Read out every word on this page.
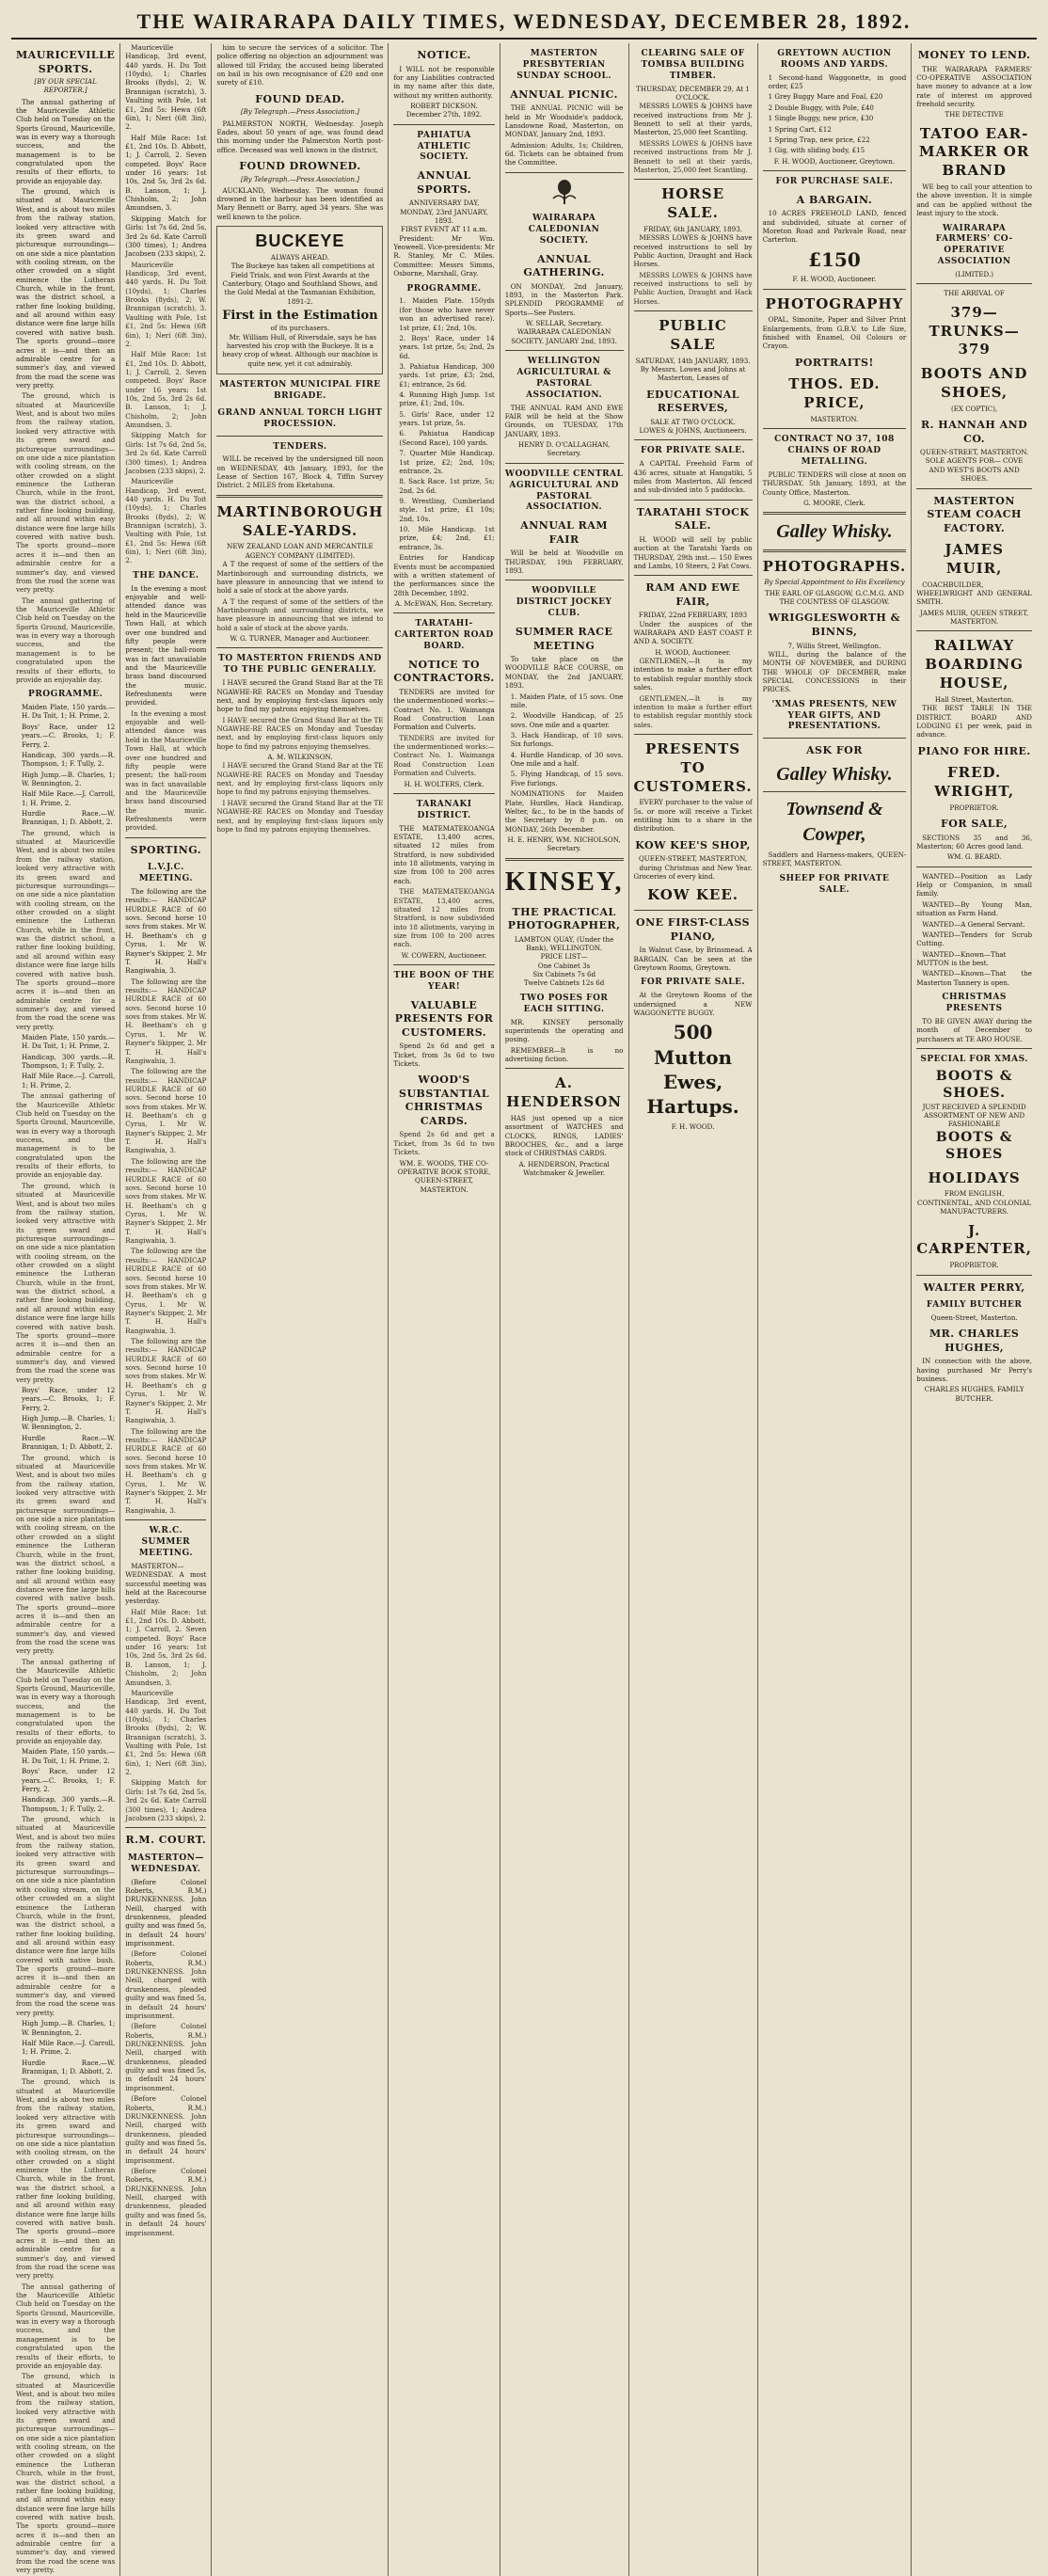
THE WAIRARAPA DAILY TIMES, WEDNESDAY, DECEMBER 28, 1892.
MAURICEVILLE SPORTS.
[BY OUR SPECIAL REPORTER.]

The annual gathering of the Mauriceville Athletic Club held on Tuesday on the Sports Ground, Mauriceville, was in every way a thorough success, and the management is to be congratulated upon the results of their efforts, to provide an enjoyable day.

The ground, which is situated at Mauriceville West, and is about two miles from the railway station, looked very attractive with its green sward and picturesque surroundings—on one side a nice plantation with cooling stream, on the other crowded on a slight eminence the Lutheran Church, while in the front, was the district school, a rather fine looking building, and all around within easy distance were fine large hills covered with native bush. The sports ground—more acres it is—and then an admirable centre for a summer's day, and viewed from the road the scene was very pretty.

The ground, which is situated at Mauriceville West, and is about two miles from the railway station, looked very attractive with its green sward and picturesque surroundings—on one side a nice plantation with cooling stream, on the other crowded on a slight eminence the Lutheran Church, while in the front, was the district school, a rather fine looking building, and all around within easy distance were fine large hills covered with native bush. The sports ground—more acres it is—and then an admirable centre for a summer's day, and viewed from the road the scene was very pretty.

The annual gathering of the Mauriceville Athletic Club held on Tuesday on the Sports Ground, Mauriceville, was in every way a thorough success, and the management is to be congratulated upon the results of their efforts, to provide an enjoyable day.

PROGRAMME.

Maiden Plate, 150 yards.—H. Du Toit, 1; H. Prime, 2.

Boys' Race, under 12 years.—C. Brooks, 1; F. Ferry, 2.

Handicap, 300 yards.—R. Thompson, 1; F. Tully, 2.

High Jump.—B. Charles, 1; W. Bennington, 2.

Half Mile Race.—J. Carroll, 1; H. Prime, 2.

Hurdle Race.—W. Brannigan, 1; D. Abbott, 2.

The ground, which is situated at Mauriceville West, and is about two miles from the railway station, looked very attractive with its green sward and picturesque surroundings—on one side a nice plantation with cooling stream, on the other crowded on a slight eminence the Lutheran Church, while in the front, was the district school, a rather fine looking building, and all around within easy distance were fine large hills covered with native bush. The sports ground—more acres it is—and then an admirable centre for a summer's day, and viewed from the road the scene was very pretty.

Maiden Plate, 150 yards.—H. Du Toit, 1; H. Prime, 2.

Handicap, 300 yards.—R. Thompson, 1; F. Tully, 2.

Half Mile Race.—J. Carroll, 1; H. Prime, 2.

The annual gathering of the Mauriceville Athletic Club held on Tuesday on the Sports Ground, Mauriceville, was in every way a thorough success, and the management is to be congratulated upon the results of their efforts, to provide an enjoyable day.

The ground, which is situated at Mauriceville West, and is about two miles from the railway station, looked very attractive with its green sward and picturesque surroundings—on one side a nice plantation with cooling stream, on the other crowded on a slight eminence the Lutheran Church, while in the front, was the district school, a rather fine looking building, and all around within easy distance were fine large hills covered with native bush. The sports ground—more acres it is—and then an admirable centre for a summer's day, and viewed from the road the scene was very pretty.

Boys' Race, under 12 years.—C. Brooks, 1; F. Ferry, 2.

High Jump.—B. Charles, 1; W. Bennington, 2.

Hurdle Race.—W. Brannigan, 1; D. Abbott, 2.

The ground, which is situated at Mauriceville West, and is about two miles from the railway station, looked very attractive with its green sward and picturesque surroundings—on one side a nice plantation with cooling stream, on the other crowded on a slight eminence the Lutheran Church, while in the front, was the district school, a rather fine looking building, and all around within easy distance were fine large hills covered with native bush. The sports ground—more acres it is—and then an admirable centre for a summer's day, and viewed from the road the scene was very pretty.

The annual gathering of the Mauriceville Athletic Club held on Tuesday on the Sports Ground, Mauriceville, was in every way a thorough success, and the management is to be congratulated upon the results of their efforts, to provide an enjoyable day.

Maiden Plate, 150 yards.—H. Du Toit, 1; H. Prime, 2.

Boys' Race, under 12 years.—C. Brooks, 1; F. Ferry, 2.

Handicap, 300 yards.—R. Thompson, 1; F. Tully, 2.

The ground, which is situated at Mauriceville West, and is about two miles from the railway station, looked very attractive with its green sward and picturesque surroundings—on one side a nice plantation with cooling stream, on the other crowded on a slight eminence the Lutheran Church, while in the front, was the district school, a rather fine looking building, and all around within easy distance were fine large hills covered with native bush. The sports ground—more acres it is—and then an admirable centre for a summer's day, and viewed from the road the scene was very pretty.

High Jump.—B. Charles, 1; W. Bennington, 2.

Half Mile Race.—J. Carroll, 1; H. Prime, 2.

Hurdle Race.—W. Brannigan, 1; D. Abbott, 2.

The ground, which is situated at Mauriceville West, and is about two miles from the railway station, looked very attractive with its green sward and picturesque surroundings—on one side a nice plantation with cooling stream, on the other crowded on a slight eminence the Lutheran Church, while in the front, was the district school, a rather fine looking building, and all around within easy distance were fine large hills covered with native bush. The sports ground—more acres it is—and then an admirable centre for a summer's day, and viewed from the road the scene was very pretty.

The annual gathering of the Mauriceville Athletic Club held on Tuesday on the Sports Ground, Mauriceville, was in every way a thorough success, and the management is to be congratulated upon the results of their efforts, to provide an enjoyable day.

The ground, which is situated at Mauriceville West, and is about two miles from the railway station, looked very attractive with its green sward and picturesque surroundings—on one side a nice plantation with cooling stream, on the other crowded on a slight eminence the Lutheran Church, while in the front, was the district school, a rather fine looking building, and all around within easy distance were fine large hills covered with native bush. The sports ground—more acres it is—and then an admirable centre for a summer's day, and viewed from the road the scene was very pretty.

Mauriceville Handicap, 3rd event, 440 yards. H. Du Toit (10yds), 1; Charles Brooks (8yds), 2; W. Brannigan (scratch), 3. Vaulting with Pole, 1st £1, 2nd 5s: Hewa (6ft 6in), 1; Neri (6ft 3in), 2.

Half Mile Race: 1st £1, 2nd 10s. D. Abbott, 1; J. Carroll, 2. Seven competed. Boys' Race under 16 years: 1st 10s, 2nd 5s, 3rd 2s 6d. B. Lanson, 1; J. Chisholm, 2; John Amundsen, 3.

Skipping Match for Girls: 1st 7s 6d, 2nd 5s, 3rd 2s 6d. Kate Carroll (300 times), 1; Andrea Jacobsen (233 skips), 2.

Mauriceville Handicap, 3rd event, 440 yards. H. Du Toit (10yds), 1; Charles Brooks (8yds), 2; W. Brannigan (scratch), 3. Vaulting with Pole, 1st £1, 2nd 5s: Hewa (6ft 6in), 1; Neri (6ft 3in), 2.

Half Mile Race: 1st £1, 2nd 10s. D. Abbott, 1; J. Carroll, 2. Seven competed. Boys' Race under 16 years: 1st 10s, 2nd 5s, 3rd 2s 6d. B. Lanson, 1; J. Chisholm, 2; John Amundsen, 3.

Skipping Match for Girls: 1st 7s 6d, 2nd 5s, 3rd 2s 6d. Kate Carroll (300 times), 1; Andrea Jacobsen (233 skips), 2.

Mauriceville Handicap, 3rd event, 440 yards. H. Du Toit (10yds), 1; Charles Brooks (8yds), 2; W. Brannigan (scratch), 3. Vaulting with Pole, 1st £1, 2nd 5s: Hewa (6ft 6in), 1; Neri (6ft 3in), 2.

THE DANCE.

In the evening a most enjoyable and well-attended dance was held in the Mauriceville Town Hall, at which over one hundred and fifty people were present; the hall-room was in fact unavailable and the Mauriceville brass band discoursed the music. Refreshments were provided.

In the evening a most enjoyable and well-attended dance was held in the Mauriceville Town Hall, at which over one hundred and fifty people were present; the hall-room was in fact unavailable and the Mauriceville brass band discoursed the music. Refreshments were provided.

SPORTING.
L.V.J.C. MEETING.

The following are the results:— HANDICAP HURDLE RACE of 60 sovs. Second horse 10 sovs from stakes. Mr W. H. Beetham's ch g Cyrus, 1. Mr W. Rayner's Skipper, 2. Mr T. H. Hall's Rangiwahia, 3.

The following are the results:— HANDICAP HURDLE RACE of 60 sovs. Second horse 10 sovs from stakes. Mr W. H. Beetham's ch g Cyrus, 1. Mr W. Rayner's Skipper, 2. Mr T. H. Hall's Rangiwahia, 3.

The following are the results:— HANDICAP HURDLE RACE of 60 sovs. Second horse 10 sovs from stakes. Mr W. H. Beetham's ch g Cyrus, 1. Mr W. Rayner's Skipper, 2. Mr T. H. Hall's Rangiwahia, 3.

The following are the results:— HANDICAP HURDLE RACE of 60 sovs. Second horse 10 sovs from stakes. Mr W. H. Beetham's ch g Cyrus, 1. Mr W. Rayner's Skipper, 2. Mr T. H. Hall's Rangiwahia, 3.

The following are the results:— HANDICAP HURDLE RACE of 60 sovs. Second horse 10 sovs from stakes. Mr W. H. Beetham's ch g Cyrus, 1. Mr W. Rayner's Skipper, 2. Mr T. H. Hall's Rangiwahia, 3.

The following are the results:— HANDICAP HURDLE RACE of 60 sovs. Second horse 10 sovs from stakes. Mr W. H. Beetham's ch g Cyrus, 1. Mr W. Rayner's Skipper, 2. Mr T. H. Hall's Rangiwahia, 3.

The following are the results:— HANDICAP HURDLE RACE of 60 sovs. Second horse 10 sovs from stakes. Mr W. H. Beetham's ch g Cyrus, 1. Mr W. Rayner's Skipper, 2. Mr T. H. Hall's Rangiwahia, 3.

W.R.C. SUMMER MEETING.

MASTERTON—WEDNESDAY. A most successful meeting was held at the Racecourse yesterday.

Half Mile Race: 1st £1, 2nd 10s. D. Abbott, 1; J. Carroll, 2. Seven competed. Boys' Race under 16 years: 1st 10s, 2nd 5s, 3rd 2s 6d. B. Lanson, 1; J. Chisholm, 2; John Amundsen, 3.

Mauriceville Handicap, 3rd event, 440 yards. H. Du Toit (10yds), 1; Charles Brooks (8yds), 2; W. Brannigan (scratch), 3. Vaulting with Pole, 1st £1, 2nd 5s: Hewa (6ft 6in), 1; Neri (6ft 3in), 2.

Skipping Match for Girls: 1st 7s 6d, 2nd 5s, 3rd 2s 6d. Kate Carroll (300 times), 1; Andrea Jacobsen (233 skips), 2.

R.M. COURT.
MASTERTON—WEDNESDAY.

(Before Colonel Roberts, R.M.) DRUNKENNESS. John Neill, charged with drunkenness, pleaded guilty and was fined 5s, in default 24 hours' imprisonment.

(Before Colonel Roberts, R.M.) DRUNKENNESS. John Neill, charged with drunkenness, pleaded guilty and was fined 5s, in default 24 hours' imprisonment.

(Before Colonel Roberts, R.M.) DRUNKENNESS. John Neill, charged with drunkenness, pleaded guilty and was fined 5s, in default 24 hours' imprisonment.

(Before Colonel Roberts, R.M.) DRUNKENNESS. John Neill, charged with drunkenness, pleaded guilty and was fined 5s, in default 24 hours' imprisonment.

(Before Colonel Roberts, R.M.) DRUNKENNESS. John Neill, charged with drunkenness, pleaded guilty and was fined 5s, in default 24 hours' imprisonment.

him to secure the services of a solicitor. The police offering no objection an adjournment was allowed till Friday, the accused being liberated on bail in his own recognisance of £20 and one surety of £10.

FOUND DEAD.
[By Telegraph.—Press Association.]

PALMERSTON NORTH, Wednesday. Joseph Eades, about 50 years of age, was found dead this morning under the Palmerston North post-office. Deceased was well known in the district.

FOUND DROWNED.
[By Telegraph.—Press Association.]

AUCKLAND, Wednesday. The woman found drowned in the harbour has been identified as Mary Bennett or Barry, aged 34 years. She was well known to the police.

BUCKEYE
ALWAYS AHEAD.

The Buckeye has taken all competitions at Field Trials, and won First Awards at the Canterbury, Otago and Southland Shows, and the Gold Medal at the Tasmanian Exhibition, 1891-2.

First in the Estimation
of its purchasers.

Mr. William Hull, of Riversdale, says he has harvested his crop with the Buckeye. It is a heavy crop of wheat. Although our machine is quite new, yet it cut admirably.

MASTERTON MUNICIPAL FIRE BRIGADE.
GRAND ANNUAL TORCH LIGHT PROCESSION.
TENDERS.

WILL be received by the undersigned till noon on WEDNESDAY, 4th January, 1893, for the Lease of Section 167, Block 4, Tiffin Survey District. 2 MILES from Eketahuna.

MARTINBOROUGH SALE-YARDS.
NEW ZEALAND LOAN AND MERCANTILE AGENCY COMPANY (LIMITED).

A T the request of some of the settlers of the Martinborough and surrounding districts, we have pleasure in announcing that we intend to hold a sale of stock at the above yards.

A T the request of some of the settlers of the Martinborough and surrounding districts, we have pleasure in announcing that we intend to hold a sale of stock at the above yards.

W. G. TURNER, Manager and Auctioneer.
TO MASTERTON FRIENDS AND TO THE PUBLIC GENERALLY.

I HAVE secured the Grand Stand Bar at the TE NGAWHE-RE RACES on Monday and Tuesday next, and by employing first-class liquors only hope to find my patrons enjoying themselves.

I HAVE secured the Grand Stand Bar at the TE NGAWHE-RE RACES on Monday and Tuesday next, and by employing first-class liquors only hope to find my patrons enjoying themselves.

A. M. WILKINSON.

I HAVE secured the Grand Stand Bar at the TE NGAWHE-RE RACES on Monday and Tuesday next, and by employing first-class liquors only hope to find my patrons enjoying themselves.

I HAVE secured the Grand Stand Bar at the TE NGAWHE-RE RACES on Monday and Tuesday next, and by employing first-class liquors only hope to find my patrons enjoying themselves.

NOTICE.

I WILL not be responsible for any Liabilities contracted in my name after this date, without my written authority.

ROBERT DICKSON. December 27th, 1892.
PAHIATUA ATHLETIC SOCIETY.
ANNUAL SPORTS.
ANNIVERSARY DAY, MONDAY, 23rd JANUARY, 1893.
FIRST EVENT AT 11 a.m.

President: Mr Wm. Yeoweell. Vice-presidents: Mr R. Stanley, Mr C. Miles. Committee: Messrs Simms, Osborne, Marshall, Gray.

PROGRAMME.

1. Maiden Plate. 150yds (for those who have never won an advertised race). 1st prize, £1; 2nd, 10s.

2. Boys' Race, under 14 years. 1st prize, 5s; 2nd, 2s 6d.

3. Pahiatua Handicap, 300 yards. 1st prize, £3; 2nd, £1; entrance, 2s 6d.

4. Running High Jump. 1st prize, £1; 2nd, 10s.

5. Girls' Race, under 12 years. 1st prize, 5s.

6. Pahiatua Handicap (Second Race), 100 yards.

7. Quarter Mile Handicap. 1st prize, £2; 2nd, 10s; entrance, 2s.

8. Sack Race. 1st prize, 5s; 2nd, 2s 6d.

9. Wrestling, Cumberland style. 1st prize, £1 10s; 2nd, 10s.

10. Mile Handicap. 1st prize, £4; 2nd, £1; entrance, 3s.

Entries for Handicap Events must be accompanied with a written statement of the performances since the 28th December, 1892.

A. McEWAN, Hon. Secretary.
TARATAHI-CARTERTON ROAD BOARD.
NOTICE TO CONTRACTORS.

TENDERS are invited for the undermentioned works:— Contract No. 1. Waimanga Road Construction Loan Formation and Culverts.

TENDERS are invited for the undermentioned works:— Contract No. 1. Waimanga Road Construction Loan Formation and Culverts.

H. H. WOLTERS, Clerk.
TARANAKI DISTRICT.

THE MATEMATEKOANGA ESTATE, 13,400 acres, situated 12 miles from Stratford, is now subdivided into 18 allotments, varying in size from 100 to 200 acres each.

THE MATEMATEKOANGA ESTATE, 13,400 acres, situated 12 miles from Stratford, is now subdivided into 18 allotments, varying in size from 100 to 200 acres each.

W. COWERN, Auctioneer.
THE BOON OF THE YEAR!
VALUABLE PRESENTS FOR CUSTOMERS.

Spend 2s 6d and get a Ticket, from 3s 6d to two Tickets.

WOOD'S SUBSTANTIAL CHRISTMAS CARDS.

Spend 2s 6d and get a Ticket, from 3s 6d to two Tickets.

WM. E. WOODS, THE CO-OPERATIVE BOOK STORE, QUEEN-STREET, MASTERTON.
MASTERTON PRESBYTERIAN SUNDAY SCHOOL.
ANNUAL PICNIC.

THE ANNUAL PICNIC will be held in Mr Woodside's paddock, Lansdowne Road, Masterton, on MONDAY, January 2nd, 1893.

Admission: Adults, 1s; Children, 6d. Tickets can be obtained from the Committee.

WAIRARAPA CALEDONIAN SOCIETY.
ANNUAL GATHERING.

ON MONDAY, 2nd January, 1893, in the Masterton Park. SPLENDID PROGRAMME of Sports—See Posters.

W. SELLAR, Secretary.
WAIRARAPA CALEDONIAN SOCIETY. JANUARY 2nd, 1893.
WELLINGTON AGRICULTURAL & PASTORAL ASSOCIATION.

THE ANNUAL RAM AND EWE FAIR will be held at the Show Grounds, on TUESDAY, 17th JANUARY, 1893.

HENRY D. O'CALLAGHAN, Secretary.
WOODVILLE CENTRAL AGRICULTURAL AND PASTORAL ASSOCIATION.
ANNUAL RAM FAIR

Will be held at Woodville on THURSDAY, 19th FEBRUARY, 1893.

WOODVILLE DISTRICT JOCKEY CLUB.
SUMMER RACE MEETING

To take place on the WOODVILLE RACE COURSE, on MONDAY, the 2nd JANUARY, 1893.

1. Maiden Plate, of 15 sovs. One mile.

2. Woodville Handicap, of 25 sovs. One mile and a quarter.

3. Hack Handicap, of 10 sovs. Six furlongs.

4. Hurdle Handicap, of 30 sovs. One mile and a half.

5. Flying Handicap, of 15 sovs. Five furlongs.

NOMINATIONS for Maiden Plate, Hurdles, Hack Handicap, Welter, &c., to be in the hands of the Secretary by 8 p.m. on MONDAY, 26th December.

H. E. HENRY, WM. NICHOLSON, Secretary.
KINSEY,
THE PRACTICAL PHOTOGRAPHER,
LAMBTON QUAY, (Under the Bank), WELLINGTON.
PRICE LIST—
One Cabinet 3s
Six Cabinets 7s 6d
Twelve Cabinets 12s 6d
TWO POSES FOR EACH SITTING.

MR. KINSEY personally superintends the operating and posing.

REMEMBER—It is no advertising fiction.

A. HENDERSON

HAS just opened up a nice assortment of WATCHES and CLOCKS, RINGS, LADIES' BROOCHES, &c., and a large stock of CHRISTMAS CARDS.

A. HENDERSON, Practical Watchmaker & Jeweller.
CLEARING SALE OF TOMBSA BUILDING TIMBER.
THURSDAY, DECEMBER 29, At 1 O'CLOCK.

MESSRS LOWES & JOHNS have received instructions from Mr J. Bennett to sell at their yards, Masterton, 25,000 feet Scantling.

MESSRS LOWES & JOHNS have received instructions from Mr J. Bennett to sell at their yards, Masterton, 25,000 feet Scantling.

HORSE SALE.
FRIDAY, 6th JANUARY, 1893.

MESSRS LOWES & JOHNS have received instructions to sell by Public Auction, Draught and Hack Horses.

MESSRS LOWES & JOHNS have received instructions to sell by Public Auction, Draught and Hack Horses.

PUBLIC SALE
SATURDAY, 14th JANUARY, 1893.
By Messrs. Lowes and Johns at Masterton, Leases of
EDUCATIONAL RESERVES,
SALE AT TWO O'CLOCK.
LOWES & JOHNS, Auctioneers.
FOR PRIVATE SALE.

A CAPITAL Freehold Farm of 436 acres, situate at Hangatiki, 5 miles from Masterton. All fenced and sub-divided into 5 paddocks.

TARATAHI STOCK SALE.

H. WOOD will sell by public auction at the Taratahi Yards on THURSDAY, 29th inst.— 150 Ewes and Lambs, 10 Steers, 2 Fat Cows.

RAM AND EWE FAIR,
FRIDAY, 22nd FEBRUARY, 1893

Under the auspices of the WAIRARAPA AND EAST COAST P. AND A. SOCIETY.

H. WOOD, Auctioneer.

GENTLEMEN,—It is my intention to make a further effort to establish regular monthly stock sales.

GENTLEMEN,—It is my intention to make a further effort to establish regular monthly stock sales.

PRESENTS TO CUSTOMERS.

EVERY purchaser to the value of 5s. or more will receive a Ticket entitling him to a share in the distribution.

KOW KEE'S SHOP,
QUEEN-STREET, MASTERTON,

during Christmas and New Year. Groceries of every kind.

KOW KEE.
ONE FIRST-CLASS PIANO,

In Walnut Case, by Brinsmead. A BARGAIN. Can be seen at the Greytown Rooms, Greytown.

FOR PRIVATE SALE.

At the Greytown Rooms of the undersigned a NEW WAGGONETTE BUGGY.

500 Mutton Ewes, Hartups.
F. H. WOOD.
GREYTOWN AUCTION ROOMS AND YARDS.

1 Second-hand Waggonette, in good order, £25

1 Grey Buggy Mare and Foal, £20

2 Double Buggy, with Pole, £40

1 Single Buggy, new price, £30

1 Spring Cart, £12

1 Spring Trap, new price, £22

1 Gig, with sliding body, £15

F. H. WOOD, Auctioneer, Greytown.
FOR PURCHASE SALE.
A BARGAIN.

10 ACRES FREEHOLD LAND, fenced and subdivided, situate at corner of Moreton Road and Parkvale Road, near Carterton.

£150
F. H. WOOD, Auctioneer.
PHOTOGRAPHY

OPAL, Simonite, Paper and Silver Print Enlargements, from G.B.V. to Life Size, finished with Enamel, Oil Colours or Crayon.

PORTRAITS!
THOS. ED. PRICE,
MASTERTON.
CONTRACT NO 37, 108 CHAINS OF ROAD METALLING.

PUBLIC TENDERS will close at noon on THURSDAY, 5th January, 1893, at the County Office, Masterton.

G. MOORE, Clerk.
Galley Whisky.
PHOTOGRAPHS.
By Special Appointment to His Excellency
THE EARL OF GLASGOW, G.C.M.G. AND THE COUNTESS OF GLASGOW.
WRIGGLESWORTH & BINNS,
7, Willis Street, Wellington.

WILL, during the balance of the MONTH OF NOVEMBER, and DURING THE WHOLE OF DECEMBER, make SPECIAL CONCESSIONS in their PRICES.

'XMAS PRESENTS, NEW YEAR GIFTS, AND PRESENTATIONS.
ASK FOR
Galley Whisky.
Townsend & Cowper,

Saddlers and Harness-makers, QUEEN-STREET, MASTERTON.

SHEEP FOR PRIVATE SALE.
MONEY TO LEND.

THE WAIRARAPA FARMERS' CO-OPERATIVE ASSOCIATION have money to advance at a low rate of interest on approved freehold security.

THE DETECTIVE
TATOO EAR-MARKER OR BRAND

WE beg to call your attention to the above invention. It is simple and can be applied without the least injury to the stock.

WAIRARAPA FARMERS' CO-OPERATIVE ASSOCIATION
(LIMITED.)
THE ARRIVAL OF
379—TRUNKS—379
BOOTS AND SHOES,
(EX COPTIC),
R. HANNAH AND CO.
QUEEN-STREET, MASTERTON.
SOLE AGENTS FOR— COVE AND WEST'S BOOTS AND SHOES.
MASTERTON STEAM COACH FACTORY.
JAMES MUIR,

COACHBUILDER, WHEELWRIGHT AND GENERAL SMITH.

JAMES MUIR, QUEEN STREET, MASTERTON.
RAILWAY BOARDING HOUSE,
Hall Street, Masterton.

THE BEST TABLE IN THE DISTRICT. BOARD AND LODGING £1 per week, paid in advance.

PIANO FOR HIRE.
FRED. WRIGHT,
PROPRIETOR.
FOR SALE,

SECTIONS 35 and 36, Masterton; 60 Acres good land.

WM. G. BEARD.

WANTED—Position as Lady Help or Companion, in small family.

WANTED—By Young Man, situation as Farm Hand.

WANTED—A General Servant.

WANTED—Tenders for Scrub Cutting.

WANTED—Known—That MUTTON is the best.

WANTED—Known—That the Masterton Tannery is open.

CHRISTMAS PRESENTS

TO BE GIVEN AWAY during the month of December to purchasers at TE ARO HOUSE.

SPECIAL FOR XMAS.
BOOTS & SHOES.
JUST RECEIVED A SPLENDID ASSORTMENT OF NEW AND FASHIONABLE
BOOTS & SHOES
HOLIDAYS
FROM ENGLISH, CONTINENTAL, AND COLONIAL MANUFACTURERS.
J. CARPENTER,
PROPRIETOR.
WALTER PERRY,
FAMILY BUTCHER
Queen-Street, Masterton.
MR. CHARLES HUGHES,

IN connection with the above, having purchased Mr Perry's business.

CHARLES HUGHES, FAMILY BUTCHER.
